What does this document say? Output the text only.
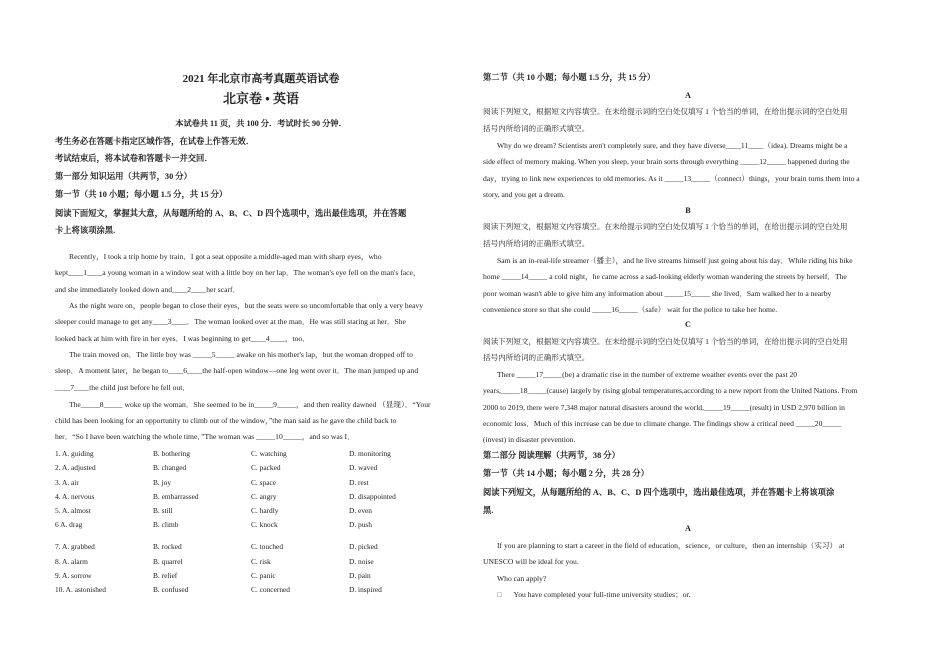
2021 年北京市高考真题英语试卷
北京卷 • 英语
本试卷共 11 页，共 100 分．考试时长 90 分钟．
考生务必在答题卡指定区域作答，在试卷上作答无效．
考试结束后，将本试卷和答题卡一并交回．
第一部分 知识运用（共两节，30 分）
第一节（共 10 小题；每小题 1.5 分，共 15 分）
阅读下面短文，掌握其大意，从每题所给的 A、B、C、D 四个选项中，选出最佳选项，并在答题
卡上将该项涂黑.
Recently，I took a trip home by train．I got a seat opposite a middle-aged man with sharp eyes，who
kept____1____a young woman in a window seat with a little boy on her lap．The woman's eye fell on the man's face，
and she immediately looked down and____2____her scarf．
As the night wore on，people began to close their eyes，but the seats were so uncomfortable that only a very heavy
sleeper could manage to get any____3____．The woman looked over at the man．He was still staring at her．She
looked back at him with fire in her eyes．I was beginning to get____4____，too．
The train moved on．The little boy was _____5_____ awake on his mother's lap，but the woman dropped off to
sleep．A moment later，he began to____6____the half-open window—one leg went over it．The man jumped up and
____7____the child just before he fell out．
The_____8_____ woke up the woman．She seemed to be in_____9_____，and then reality dawned （显现）．“Your
child has been looking for an opportunity to climb out of the window，”the man said as he gave the child back to
her．“So I have been watching the whole time．”The woman was _____10_____，and so was I．
1. A. guiding	B. bothering	C. watching	D. monitoring
2. A. adjusted	B. changed	C. packed	D. waved
3. A. air	B. joy	C. space	D. rest
4. A. nervous	B. embarrassed	C. angry	D. disappointed
5. A. almost	B. still	C. hardly	D. even
6 A. drag	B. climb	C. knock	D. push
7. A. grabbed	B. rocked	C. touched	D. picked
8. A. alarm	B. quarrel	C. risk	D. noise
9. A. sorrow	B. relief	C. panic	D. pain
10. A. astonished	B. confused	C. concerned	D. inspired
第二节（共 10 小题；每小题 1.5 分，共 15 分）
A
阅读下列短文，根据短文内容填空。在未给提示词的空白处仅填写 1 个恰当的单词，在给出提示词的空白处用
括号内所给词的正确形式填空。
Why do we dream? Scientists aren't completely sure, and they have diverse____11____（idea). Dreams might be a
side effect of memory making. When you sleep, your brain sorts through everything _____12_____ happened during the
day，trying to link new experiences to old memories. As it _____13_____（connect）things，your brain turns them into a
story, and you get a dream.
B
阅读下列短文，根据短文内容填空。在未给提示词的空白处仅填写 1 个恰当的单词，在给出提示词的空白处用
括号内所给词的正确形式填空。
Sam is an in-real-life streamer（播主），and he live streams himself just going about his day．While riding his bike
home _____14_____ a cold night，he came across a sad-looking elderly woman wandering the streets by herself．The
poor woman wasn't able to give him any information about _____15_____ she lived．Sam walked her to a nearby
convenience store so that she could _____16_____（safe） wait for the police to take her home.
C
阅读下列短文，根据短文内容填空。在未给提示词的空白处仅填写 1 个恰当的单词，在给出提示词的空白处用
括号内所给词的正确形式填空。
There _____17_____(be) a dramatic rise in the number of extreme weather events over the past 20
years,_____18_____(cause) largely by rising global temperatures,according to a new report from the United Nations. From
2000 to 2019, there were 7,348 major natural disasters around the world,_____19_____(result) in USD 2,970 billion in
economic loss．Much of this increase can be due to climate change. The findings show a critical need _____20_____
(invest) in disaster prevention.
第二部分 阅读理解（共两节，38 分）
第一节（共 14 小题；每小题 2 分，共 28 分）
阅读下列短文，从每题所给的 A、B、C、D 四个选项中，选出最佳选项，并在答题卡上将该项涂
黑.
A
If you are planning to start a career in the field of education，science，or culture，then an internship（实习） at
UNESCO will be ideal for you.
Who can apply?
□ You have completed your full-time university studies；or.
